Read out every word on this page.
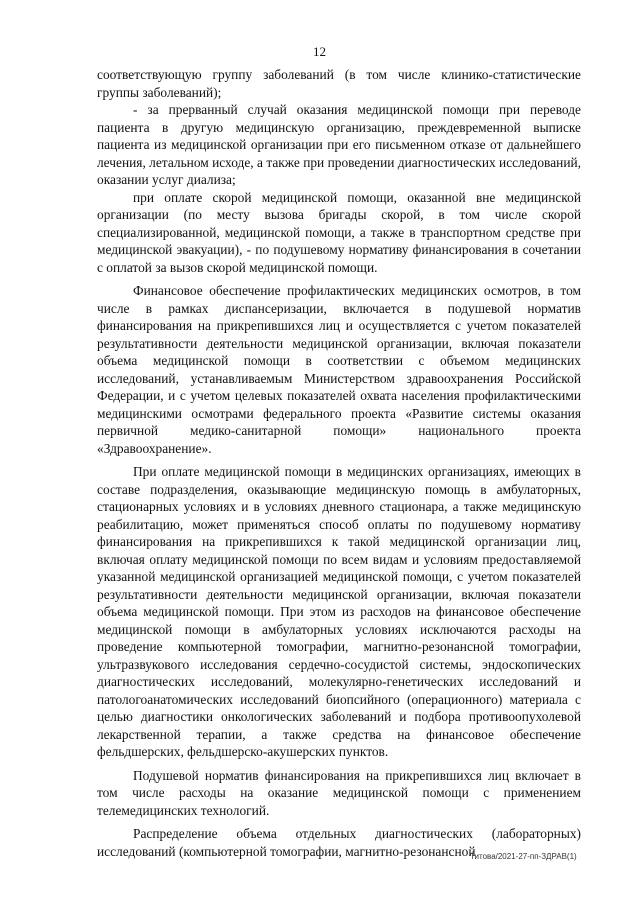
12

соответствующую группу заболеваний (в том числе клинико-статистические группы заболеваний);

- за прерванный случай оказания медицинской помощи при переводе пациента в другую медицинскую организацию, преждевременной выписке пациента из медицинской организации при его письменном отказе от дальнейшего лечения, летальном исходе, а также при проведении диагностических исследований, оказании услуг диализа;

при оплате скорой медицинской помощи, оказанной вне медицинской организации (по месту вызова бригады скорой, в том числе скорой специализированной, медицинской помощи, а также в транспортном средстве при медицинской эвакуации), - по подушевому нормативу финансирования в сочетании с оплатой за вызов скорой медицинской помощи.

Финансовое обеспечение профилактических медицинских осмотров, в том числе в рамках диспансеризации, включается в подушевой норматив финансирования на прикрепившихся лиц и осуществляется с учетом показателей результативности деятельности медицинской организации, включая показатели объема медицинской помощи в соответствии с объемом медицинских исследований, устанавливаемым Министерством здравоохранения Российской Федерации, и с учетом целевых показателей охвата населения профилактическими медицинскими осмотрами федерального проекта «Развитие системы оказания первичной медико-санитарной помощи» национального проекта «Здравоохранение».

При оплате медицинской помощи в медицинских организациях, имеющих в составе подразделения, оказывающие медицинскую помощь в амбулаторных, стационарных условиях и в условиях дневного стационара, а также медицинскую реабилитацию, может применяться способ оплаты по подушевому нормативу финансирования на прикрепившихся к такой медицинской организации лиц, включая оплату медицинской помощи по всем видам и условиям предоставляемой указанной медицинской организацией медицинской помощи, с учетом показателей результативности деятельности медицинской организации, включая показатели объема медицинской помощи. При этом из расходов на финансовое обеспечение медицинской помощи в амбулаторных условиях исключаются расходы на проведение компьютерной томографии, магнитно-резонансной томографии, ультразвукового исследования сердечно-сосудистой системы, эндоскопических диагностических исследований, молекулярно-генетических исследований и патологоанатомических исследований биопсийного (операционного) материала с целью диагностики онкологических заболеваний и подбора противоопухолевой лекарственной терапии, а также средства на финансовое обеспечение фельдшерских, фельдшерско-акушерских пунктов.

Подушевой норматив финансирования на прикрепившихся лиц включает в том числе расходы на оказание медицинской помощи с применением телемедицинских технологий.

Распределение объема отдельных диагностических (лабораторных) исследований (компьютерной томографии, магнитно-резонансной

Титова/2021-27-пп-ЗДРАВ(1)
